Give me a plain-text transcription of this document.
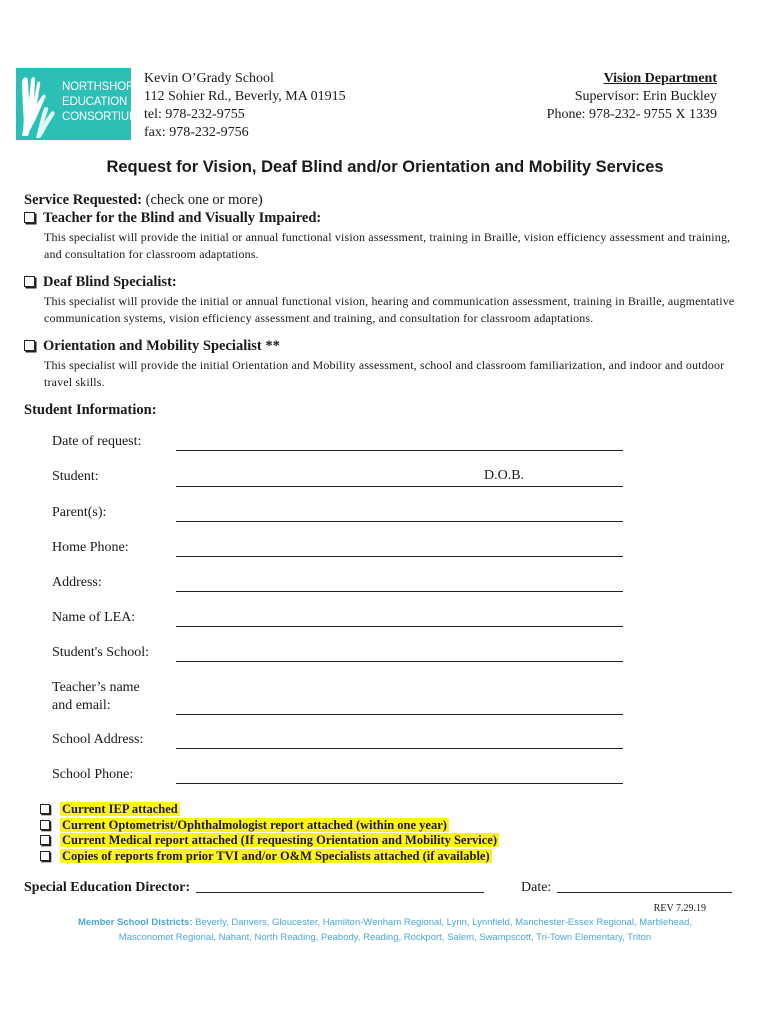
NORTHSHORE
EDUCATION
CONSORTIUM
Kevin O’Grady School
112 Sohier Rd., Beverly, MA 01915
tel: 978-232-9755
fax: 978-232-9756
Vision Department
Supervisor: Erin Buckley
Phone: 978-232- 9755 X 1339
Request for Vision, Deaf Blind and/or Orientation and Mobility Services
Service Requested: (check one or more)
Teacher for the Blind and Visually Impaired:
This specialist will provide the initial or annual functional vision assessment, training in Braille, vision efficiency assessment and training, and consultation for classroom adaptations.
Deaf Blind Specialist:
This specialist will provide the initial or annual functional vision, hearing and communication assessment, training in Braille, augmentative communication systems, vision efficiency assessment and training, and consultation for classroom adaptations.
Orientation and Mobility Specialist **
This specialist will provide the initial Orientation and Mobility assessment, school and classroom familiarization, and indoor and outdoor travel skills.
Student Information:
Date of request:
Student:	D.O.B.
Parent(s):
Home Phone:
Address:
Name of LEA:
Student's School:
Teacher’s name
and email:
School Address:
School Phone:
Current IEP attached
Current Optometrist/Ophthalmologist report attached (within one year)
Current Medical report attached (If requesting Orientation and Mobility Service)
Copies of reports from prior TVI and/or O&M Specialists attached (if available)
Special Education Director:	Date:
REV 7.29.19
Member School Districts: Beverly, Danvers, Gloucester, Hamilton-Wenham Regional, Lynn, Lynnfield, Manchester-Essex Regional, Marblehead,
Masconomet Regional, Nahant, North Reading, Peabody, Reading, Rockport, Salem, Swampscott, Tri-Town Elementary, Triton
